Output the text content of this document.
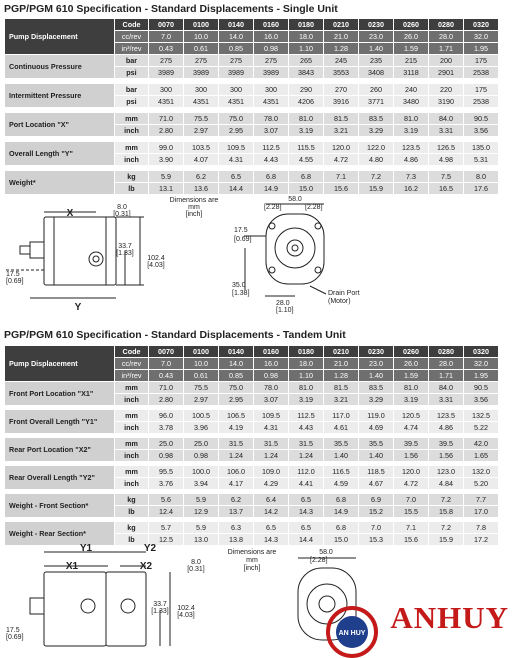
PGP/PGM 610 Specification - Standard Displacements - Single Unit
Pump Displacement	Code	0070	0100	0140	0160	0180	0210	0230	0260	0280	0320
	cc/rev	7.0	10.0	14.0	16.0	18.0	21.0	23.0	26.0	28.0	32.0
	in³/rev	0.43	0.61	0.85	0.98	1.10	1.28	1.40	1.59	1.71	1.95
Continuous Pressure	bar	275	275	275	275	265	245	235	215	200	175
	psi	3989	3989	3989	3989	3843	3553	3408	3118	2901	2538

Intermittent Pressure	bar	300	300	300	300	290	270	260	240	220	175
	psi	4351	4351	4351	4351	4206	3916	3771	3480	3190	2538

Port Location "X"	mm	71.0	75.5	75.0	78.0	81.0	81.5	83.5	81.0	84.0	90.5
	inch	2.80	2.97	2.95	3.07	3.19	3.21	3.29	3.19	3.31	3.56

Overall Length "Y"	mm	99.0	103.5	109.5	112.5	115.5	120.0	122.0	123.5	126.5	135.0
	inch	3.90	4.07	4.31	4.43	4.55	4.72	4.80	4.86	4.98	5.31

Weight*	kg	5.9	6.2	6.5	6.8	6.8	7.1	7.2	7.3	7.5	8.0
	lb	13.1	13.6	14.4	14.9	15.0	15.6	15.9	16.2	16.5	17.6
X
Y
8.0
[0.31]
33.7
[1.33]
102.4
[4.03]
17.5
[0.69]
Dimensions are
mm
[inch]
58.0
[2.28]	[2.28]
17.5
[0.69]
35.0
[1.38]
28.0
[1.10]
Drain Port
(Motor)
PGP/PGM 610 Specification - Standard Displacements - Tandem Unit
Pump Displacement	Code	0070	0100	0140	0160	0180	0210	0230	0260	0280	0320
	cc/rev	7.0	10.0	14.0	16.0	18.0	21.0	23.0	26.0	28.0	32.0
	in³/rev	0.43	0.61	0.85	0.98	1.10	1.28	1.40	1.59	1.71	1.95
Front Port Location "X1"	mm	71.0	75.5	75.0	78.0	81.0	81.5	83.5	81.0	84.0	90.5
	inch	2.80	2.97	2.95	3.07	3.19	3.21	3.29	3.19	3.31	3.56

Front Overall Length "Y1"	mm	96.0	100.5	106.5	109.5	112.5	117.0	119.0	120.5	123.5	132.5
	inch	3.78	3.96	4.19	4.31	4.43	4.61	4.69	4.74	4.86	5.22

Rear Port Location "X2"	mm	25.0	25.0	31.5	31.5	31.5	35.5	35.5	39.5	39.5	42.0
	inch	0.98	0.98	1.24	1.24	1.24	1.40	1.40	1.56	1.56	1.65

Rear Overall Length "Y2"	mm	95.5	100.0	106.0	109.0	112.0	116.5	118.5	120.0	123.0	132.0
	inch	3.76	3.94	4.17	4.29	4.41	4.59	4.67	4.72	4.84	5.20

Weight - Front Section*	kg	5.6	5.9	6.2	6.4	6.5	6.8	6.9	7.0	7.2	7.7
	lb	12.4	12.9	13.7	14.2	14.3	14.9	15.2	15.5	15.8	17.0

Weight - Rear Section*	kg	5.7	5.9	6.3	6.5	6.5	6.8	7.0	7.1	7.2	7.8
	lb	12.5	13.0	13.8	14.3	14.4	15.0	15.3	15.6	15.9	17.2
Y1	Y2
X1	X2	8.0
[0.31]
33.7
[1.33] 102.4
[4.03]
17.5
[0.69]
Dimensions are
mm
[inch]
58.0
[2.28]
AN HUY ANHUY
